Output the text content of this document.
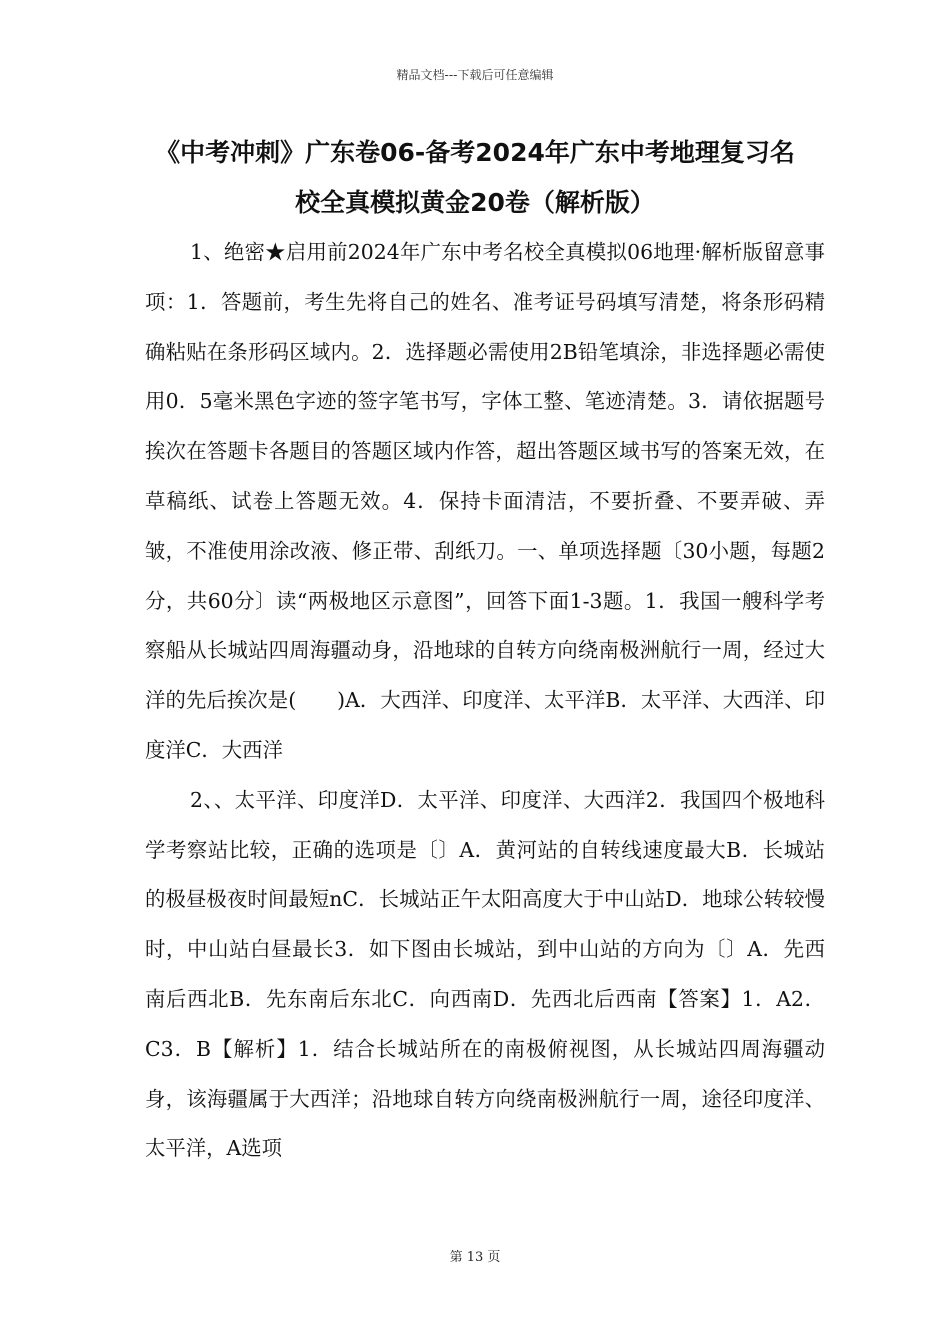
精品文档---下载后可任意编辑
《中考冲刺》广东卷06-备考2024年广东中考地理复习名
校全真模拟黄金20卷（解析版）

1、绝密★启用前2024年广东中考名校全真模拟06地理·解析版留意事项：1．答题前，考生先将自己的姓名、准考证号码填写清楚，将条形码精确粘贴在条形码区域内。2．选择题必需使用2B铅笔填涂，非选择题必需使用0．5毫米黑色字迹的签字笔书写，字体工整、笔迹清楚。3．请依据题号挨次在答题卡各题目的答题区域内作答，超出答题区域书写的答案无效，在草稿纸、试卷上答题无效。4．保持卡面清洁，不要折叠、不要弄破、弄皱，不准使用涂改液、修正带、刮纸刀。一、单项选择题〔30小题，每题2分，共60分〕读“两极地区示意图”，回答下面1-3题。1．我国一艘科学考察船从长城站四周海疆动身，沿地球的自转方向绕南极洲航行一周，经过大洋的先后挨次是(　　)A．大西洋、印度洋、太平洋B．太平洋、大西洋、印度洋C．大西洋

2、、太平洋、印度洋D．太平洋、印度洋、大西洋2．我国四个极地科学考察站比较，正确的选项是〔〕A．黄河站的自转线速度最大B．长城站的极昼极夜时间最短nC．长城站正午太阳高度大于中山站D．地球公转较慢时，中山站白昼最长3．如下图由长城站，到中山站的方向为〔〕A．先西南后西北B．先东南后东北C．向西南D．先西北后西南【答案】1．A2．C3．B【解析】1．结合长城站所在的南极俯视图，从长城站四周海疆动身，该海疆属于大西洋；沿地球自转方向绕南极洲航行一周，途径印度洋、太平洋，A选项

第 13 页
